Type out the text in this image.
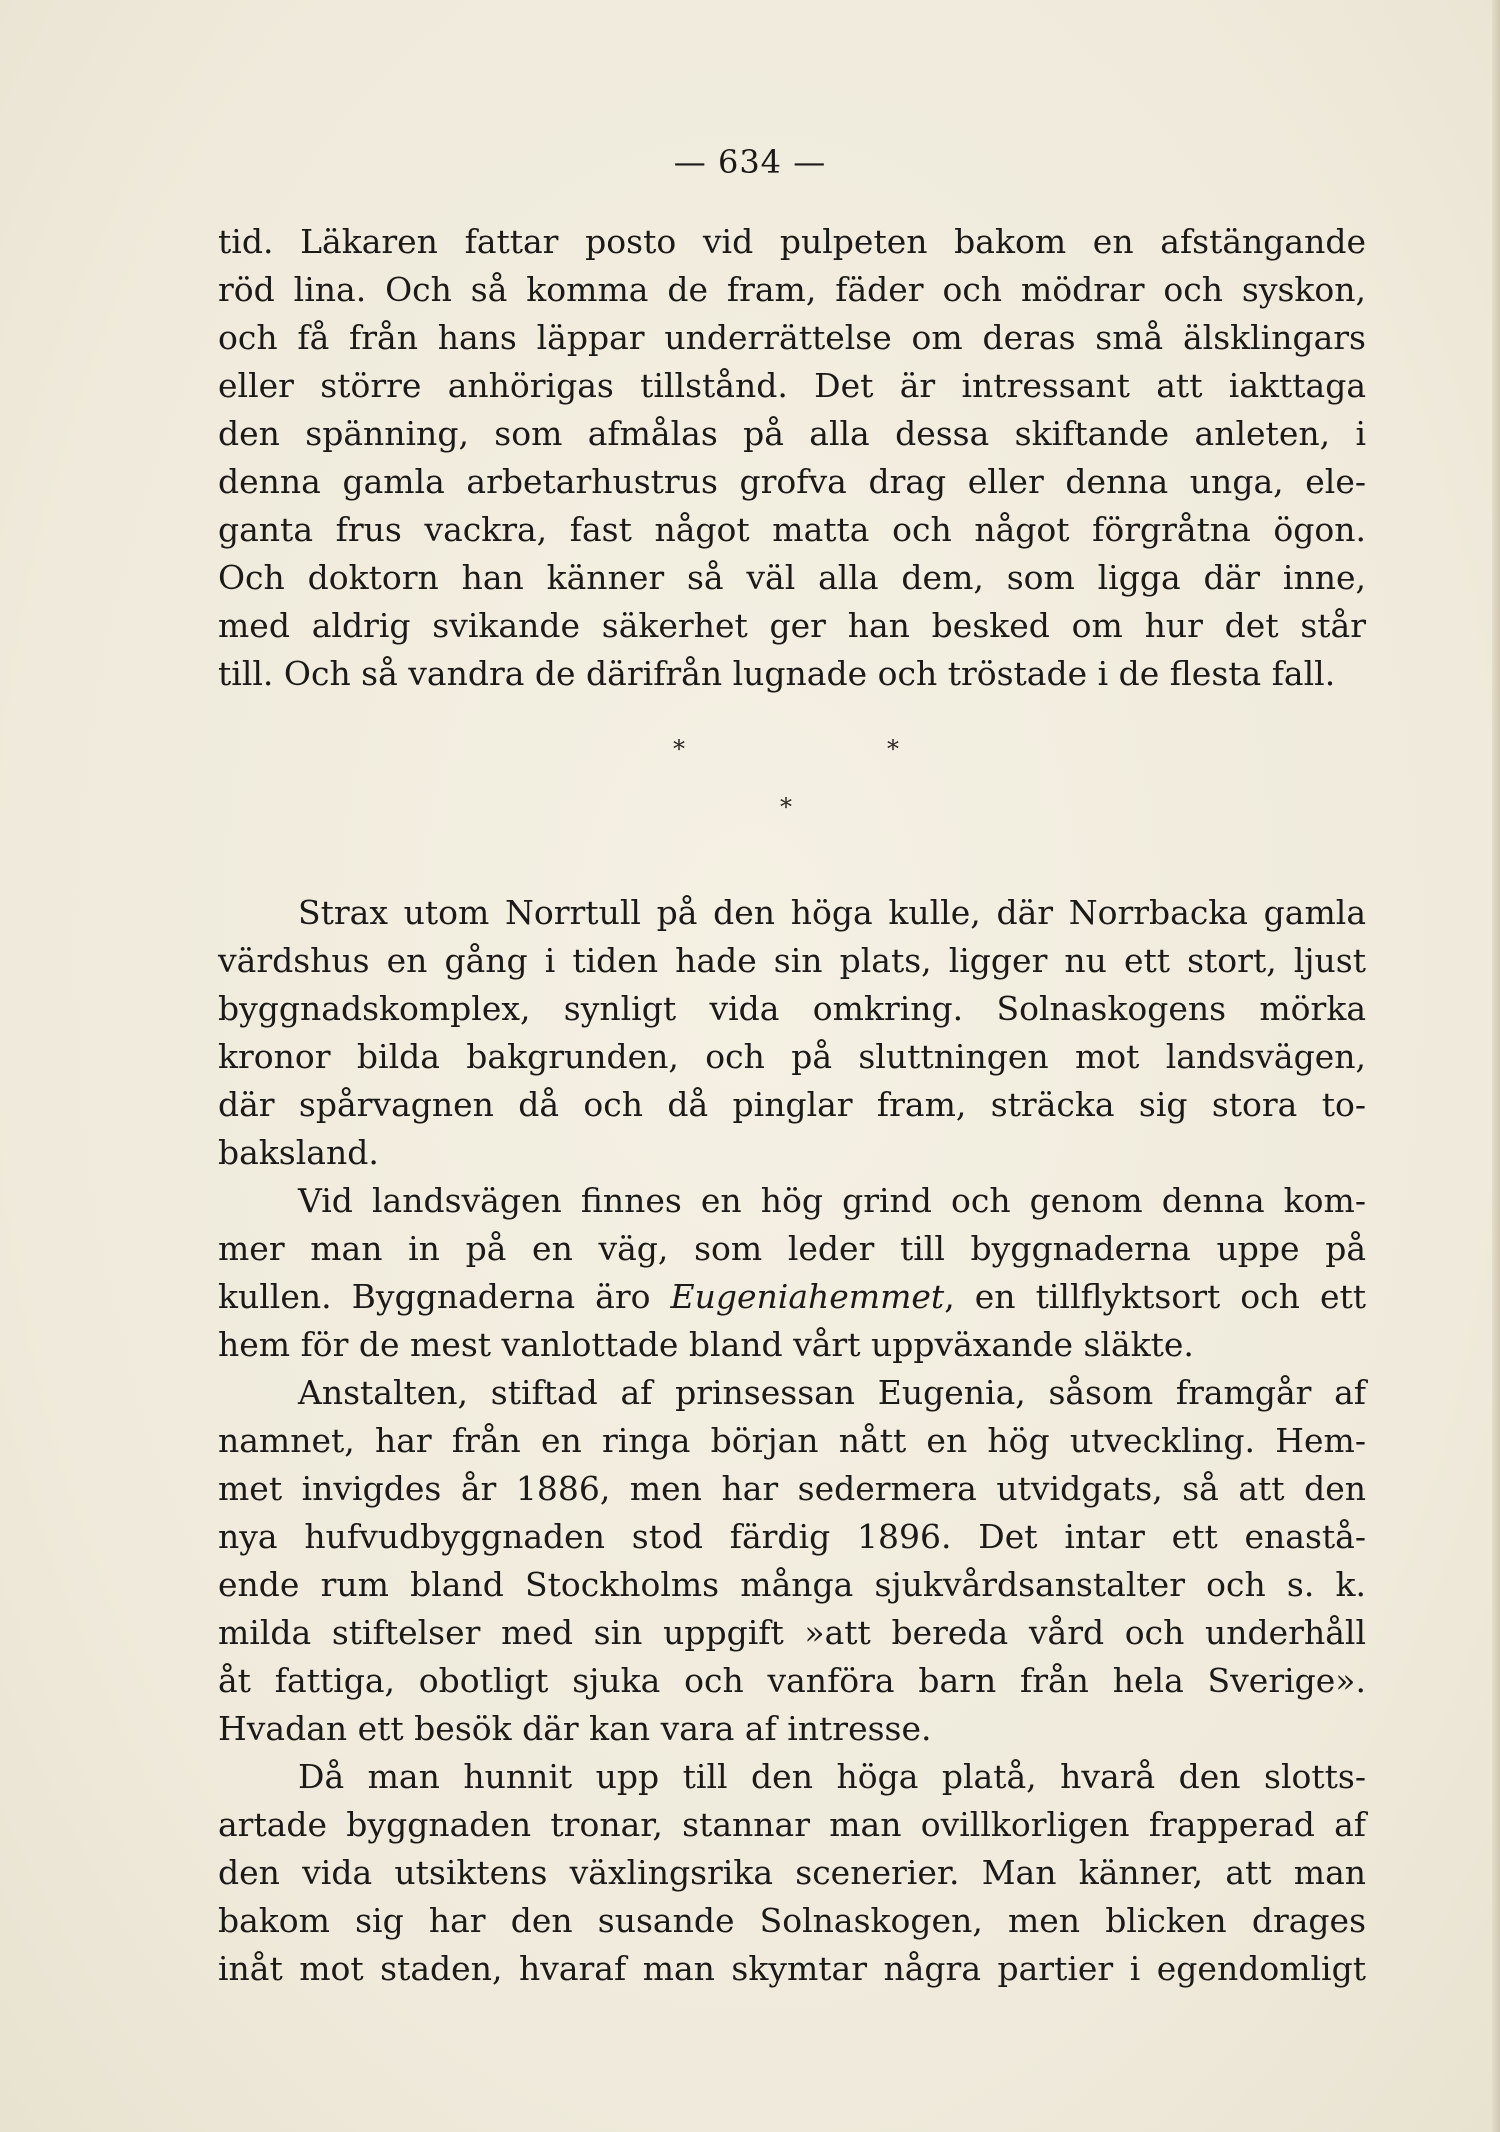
— 634 —
tid. Läkaren fattar posto vid pulpeten bakom en afstängande
röd lina. Och så komma de fram, fäder och mödrar och syskon,
och få från hans läppar underrättelse om deras små älsklingars
eller större anhörigas tillstånd. Det är intressant att iakttaga
den spänning, som afmålas på alla dessa skiftande anleten, i
denna gamla arbetarhustrus grofva drag eller denna unga, ele-
ganta frus vackra, fast något matta och något förgråtna ögon.
Och doktorn han känner så väl alla dem, som ligga där inne,
med aldrig svikande säkerhet ger han besked om hur det står
till. Och så vandra de därifrån lugnade och tröstade i de flesta fall.
*	*
*
Strax utom Norrtull på den höga kulle, där Norrbacka gamla
värdshus en gång i tiden hade sin plats, ligger nu ett stort, ljust
byggnadskomplex, synligt vida omkring. Solnaskogens mörka
kronor bilda bakgrunden, och på sluttningen mot landsvägen,
där spårvagnen då och då pinglar fram, sträcka sig stora to-
baksland.
Vid landsvägen finnes en hög grind och genom denna kom-
mer man in på en väg, som leder till byggnaderna uppe på
kullen. Byggnaderna äro Eugeniahemmet, en tillflyktsort och ett
hem för de mest vanlottade bland vårt uppväxande släkte.
Anstalten, stiftad af prinsessan Eugenia, såsom framgår af
namnet, har från en ringa början nått en hög utveckling. Hem-
met invigdes år 1886, men har sedermera utvidgats, så att den
nya hufvudbyggnaden stod färdig 1896. Det intar ett enastå-
ende rum bland Stockholms många sjukvårdsanstalter och s. k.
milda stiftelser med sin uppgift »att bereda vård och underhåll
åt fattiga, obotligt sjuka och vanföra barn från hela Sverige».
Hvadan ett besök där kan vara af intresse.
Då man hunnit upp till den höga platå, hvarå den slotts-
artade byggnaden tronar, stannar man ovillkorligen frapperad af
den vida utsiktens växlingsrika scenerier. Man känner, att man
bakom sig har den susande Solnaskogen, men blicken drages
inåt mot staden, hvaraf man skymtar några partier i egendomligt
